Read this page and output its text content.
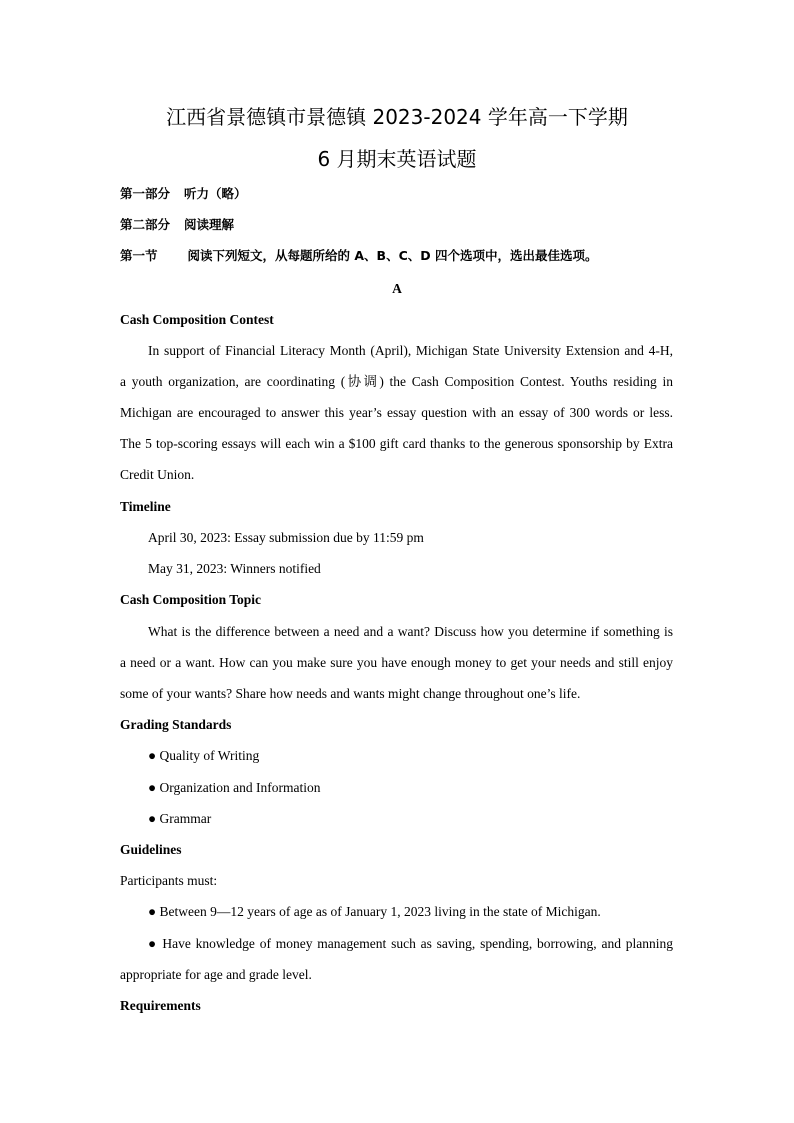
江西省景德镇市景德镇 2023-2024 学年高一下学期
6 月期末英语试题
第一部分 听力（略）
第二部分 阅读理解
第一节 阅读下列短文，从每题所给的 A、B、C、D 四个选项中，选出最佳选项。
A
Cash Composition Contest
In support of Financial Literacy Month (April), Michigan State University Extension and 4-H,
a youth organization, are coordinating (协调) the Cash Composition Contest. Youths residing in
Michigan are encouraged to answer this year’s essay question with an essay of 300 words or less.
The 5 top-scoring essays will each win a $100 gift card thanks to the generous sponsorship by Extra
Credit Union.
Timeline
April 30, 2023: Essay submission due by 11:59 pm
May 31, 2023: Winners notified
Cash Composition Topic
What is the difference between a need and a want? Discuss how you determine if something is
a need or a want. How can you make sure you have enough money to get your needs and still enjoy
some of your wants? Share how needs and wants might change throughout one’s life.
Grading Standards
● Quality of Writing
● Organization and Information
● Grammar
Guidelines
Participants must:
● Between 9—12 years of age as of January 1, 2023 living in the state of Michigan.
● Have knowledge of money management such as saving, spending, borrowing, and planning
appropriate for age and grade level.
Requirements
